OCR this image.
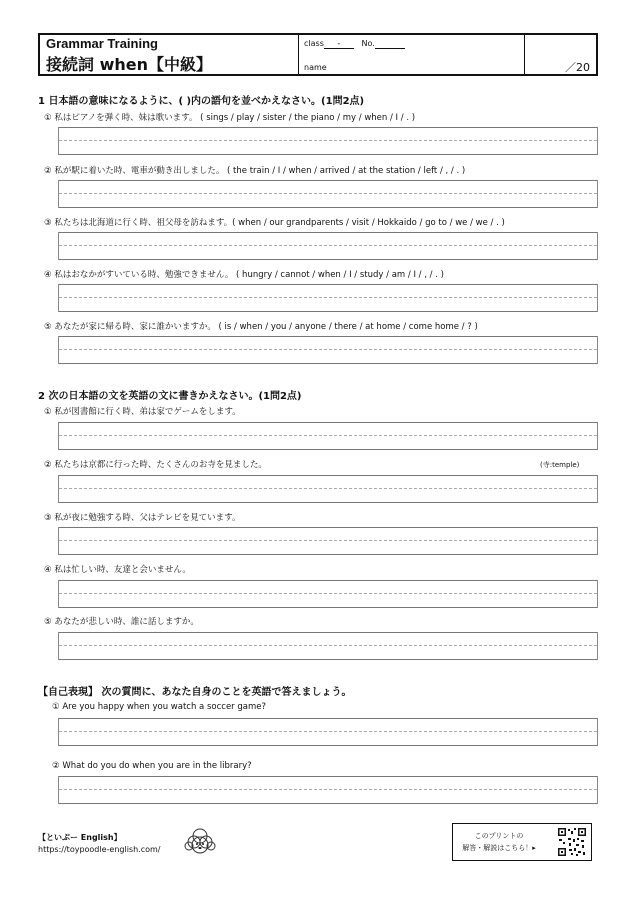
Grammar Training
接続詞 when【中級】
class -	No.
name	／20
1 日本語の意味になるように、( )内の語句を並べかえなさい。(1問2点)
① 私はピアノを弾く時、妹は歌います。 ( sings / play / sister / the piano / my / when / I / . )
② 私が駅に着いた時、電車が動き出しました。 ( the train / I / when / arrived / at the station / left / , / . )
③ 私たちは北海道に行く時、祖父母を訪ねます。( when / our grandparents / visit / Hokkaido / go to / we / we / . )
④ 私はおなかがすいている時、勉強できません。 ( hungry / cannot / when / I / study / am / I / , / . )
⑤ あなたが家に帰る時、家に誰かいますか。 ( is / when / you / anyone / there / at home / come home / ? )
2 次の日本語の文を英語の文に書きかえなさい。(1問2点)
① 私が図書館に行く時、弟は家でゲームをします。
② 私たちは京都に行った時、たくさんのお寺を見ました。	(寺:temple)
③ 私が夜に勉強する時、父はテレビを見ています。
④ 私は忙しい時、友達と会いません。
⑤ あなたが悲しい時、誰に話しますか。
【自己表現】 次の質問に、あなた自身のことを英語で答えましょう。
① Are you happy when you watch a soccer game?
② What do you do when you are in the library?
【といぷー English】
https://toypoodle-english.com/
このプリントの
解答・解説はこちら！▸
